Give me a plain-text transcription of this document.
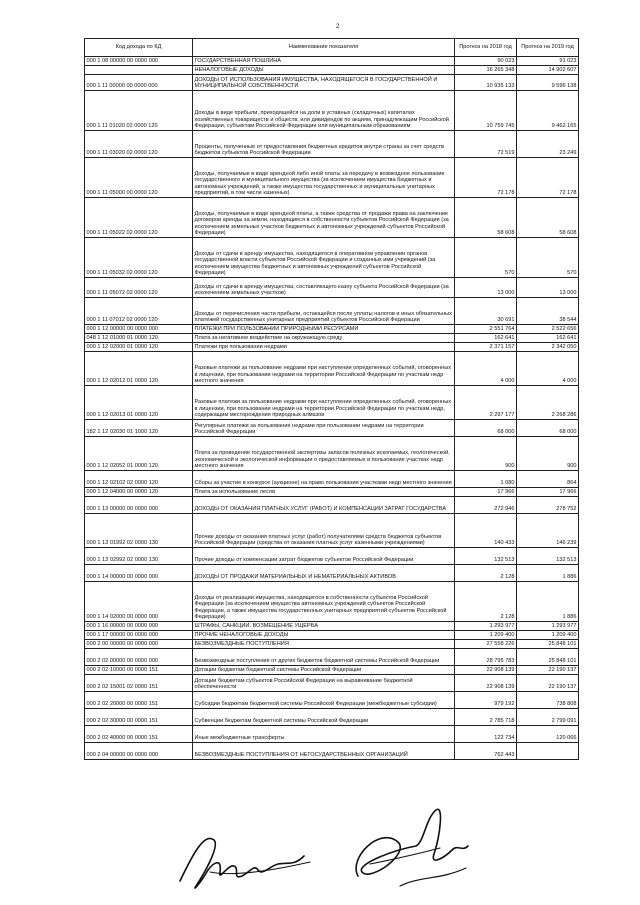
2
Код дохода по КД	Наименование показателя	Прогноз на 2018 год	Прогноз на 2019 год
000 1 08 00000 00 0000 000	ГОСУДАРСТВЕННАЯ ПОШЛИНА	90 023	91 023
	НЕНАЛОГОВЫЕ ДОХОДЫ	16 265 348	14 902 607
000 1 11 00000 00 0000 000	ДОХОДЫ ОТ ИСПОЛЬЗОВАНИЯ ИМУЩЕСТВА, НАХОДЯЩЕГОСЯ В ГОСУДАРСТВЕННОЙ И МУНИЦИПАЛЬНОЙ СОБСТВЕННОСТИ	10 935 133	9 596 138
000 1 11 01020 02 0000 120	Доходы в виде прибыли, приходящейся на доли в уставных (складочных) капиталах хозяйственных товариществ и обществ, или дивидендов по акциям, принадлежащим Российской Федерации, субъектам Российской Федерации или муниципальным образованиям	10 759 745	9 462 165
000 1 11 03020 02 0000 120	Проценты, полученные от предоставления бюджетных кредитов внутри страны за счет средств бюджетов субъектов Российской Федерации	72 519	23 249
000 1 11 05000 00 0000 120	Доходы, получаемые в виде арендной либо иной платы за передачу в возмездное пользование государственного и муниципального имущества (за исключением имущества бюджетных и автономных учреждений, а также имущества государственных и муниципальных унитарных предприятий, в том числе казенных)	72 178	72 178
000 1 11 05022 02 0000 120	Доходы, получаемые в виде арендной платы, а также средства от продажи права на заключение договоров аренды за земли, находящиеся в собственности субъектов Российской Федерации (за исключением земельных участков бюджетных и автономных учреждений субъектов Российской Федерации)	58 608	58 608
000 1 11 05032 02 0000 120	Доходы от сдачи в аренду имущества, находящегося в оперативном управлении органов государственной власти субъектов Российской Федерации и созданных ими учреждений (за исключением имущества бюджетных и автономных учреждений субъектов Российской Федерации)	570	570
000 1 11 05072 02 0000 120	Доходы от сдачи в аренду имущества, составляющего казну субъекта Российской Федерации (за исключением земельных участков)	13 000	13 000
000 1 11 07012 02 0000 120	Доходы от перечисления части прибыли, остающейся после уплаты налогов и иных обязательных платежей государственных унитарных предприятий субъектов Российской Федерации	30 691	38 544
000 1 12 00000 00 0000 000	ПЛАТЕЖИ ПРИ ПОЛЬЗОВАНИИ ПРИРОДНЫМИ РЕСУРСАМИ	2 551 764	2 522 656
048 1 12 01000 01 0000 120	Плата за негативное воздействие на окружающую среду	162 641	162 641
000 1 12 02000 01 0000 120	Платежи при пользовании недрами	2 371 157	2 342 050
000 1 12 02012 01 0000 120	Разовые платежи за пользование недрами при наступлении определенных событий, оговоренных в лицензии, при пользовании недрами на территории Российской Федерации по участкам недр местного значения	4 000	4 000
000 1 12 02013 01 0000 120	Разовые платежи за пользование недрами при наступлении определенных событий, оговоренных в лицензии, при пользовании недрами на территории Российской Федерации по участкам недр, содержащим месторождения природных алмазов	2 297 177	2 268 286
182 1 12 02030 01 1000 120	Регулярные платежи за пользование недрами при пользовании недрами на территории Российской Федерации	68 000	68 000
000 1 12 02052 01 0000 120	Плата за проведение государственной экспертизы запасов полезных ископаемых, геологической, экономической и экологической информации о предоставляемых в пользование участках недр местного значения	900	900
000 1 12 02102 02 0000 120	Сборы за участие в конкурсе (аукционе) на право пользования участками недр местного значения	1 080	864
000 1 12 04000 00 0000 120	Плата за использование лесов	17 966	17 966
000 1 13 00000 00 0000 000	ДОХОДЫ ОТ ОКАЗАНИЯ ПЛАТНЫХ УСЛУГ (РАБОТ) И КОМПЕНСАЦИИ ЗАТРАТ ГОСУДАРСТВА	272 946	278 752
000 1 13 01992 02 0000 130	Прочие доходы от оказания платных услуг (работ) получателями средств бюджетов субъектов Российской Федерации (средства от оказания платных услуг казенными учреждениями)	140 433	146 239
000 1 13 02992 02 0000 130	Прочие доходы от компенсации затрат бюджетов субъектов Российской Федерации	132 513	132 513
000 1 14 00000 00 0000 000	ДОХОДЫ ОТ ПРОДАЖИ МАТЕРИАЛЬНЫХ И НЕМАТЕРИАЛЬНЫХ АКТИВОВ	2 128	1 886
000 1 14 02000 00 0000 000	Доходы от реализации имущества, находящегося в собственности субъектов Российской Федерации (за исключением имущества автономных учреждений субъектов Российской Федерации, а также имущества государственных унитарных предприятий субъектов Российской Федерации)	2 128	1 886
000 1 16 00000 00 0000 000	ШТРАФЫ, САНКЦИИ, ВОЗМЕЩЕНИЕ УЩЕРБА	1 293 977	1 293 977
000 1 17 00000 00 0000 000	ПРОЧИЕ НЕНАЛОГОВЫЕ ДОХОДЫ	1 209 400	1 209 400
000 2 00 00000 00 0000 000	БЕЗВОЗМЕЗДНЫЕ ПОСТУПЛЕНИЯ	27 558 226	25 848 101
000 2 02 00000 00 0000 000	Безвозмездные поступления от других бюджетов бюджетной системы Российской Федерации	28 795 783	25 848 101
000 2 02 10000 00 0000 151	Дотации бюджетам бюджетной системы Российской Федерации	22 908 139	22 190 137
000 2 02 15001 02 0000 151	Дотации бюджетам субъектов Российской Федерации на выравнивание бюджетной обеспеченности	22 908 139	22 190 137
000 2 02 20000 00 0000 151	Субсидии бюджетам бюджетной системы Российской Федерации (межбюджетные субсидии)	979 192	738 808
000 2 02 30000 00 0000 151	Субвенции бюджетам бюджетной системы Российской Федерации	2 785 718	2 799 091
000 2 02 40000 00 0000 151	Иные межбюджетные трансферты	122 734	120 066
000 2 04 00000 00 0000 000	БЕЗВОЗМЕЗДНЫЕ ПОСТУПЛЕНИЯ ОТ НЕГОСУДАРСТВЕННЫХ ОРГАНИЗАЦИЙ	762 443	
